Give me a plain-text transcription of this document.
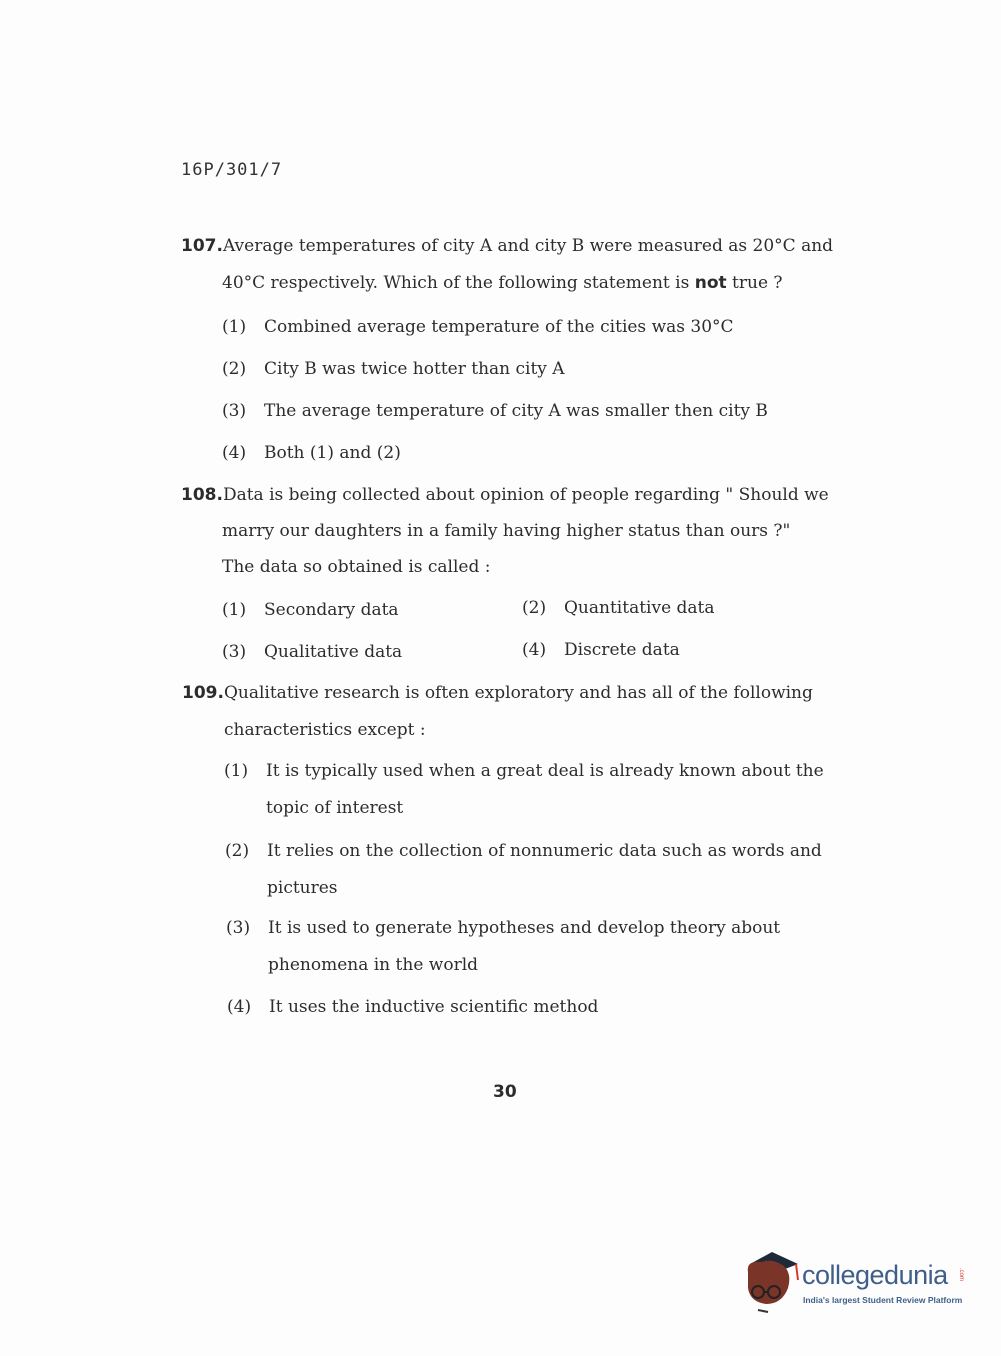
16P/301/7
107.Average temperatures of city A and city B were measured as 20°C and
40°C respectively. Which of the following statement is not true ?
(1) Combined average temperature of the cities was 30°C
(2) City B was twice hotter than city A
(3) The average temperature of city A was smaller then city B
(4) Both (1) and (2)
108.Data is being collected about opinion of people regarding " Should we
marry our daughters in a family having higher status than ours ?"
The data so obtained is called :
(1) Secondary data	(2) Quantitative data
(3) Qualitative data	(4) Discrete data
109.Qualitative research is often exploratory and has all of the following
characteristics except :
(1) It is typically used when a great deal is already known about the
topic of interest
(2) It relies on the collection of nonnumeric data such as words and
pictures
(3) It is used to generate hypotheses and develop theory about
phenomena in the world
(4) It uses the inductive scientific method
30
collegedunia .com
India's largest Student Review Platform
